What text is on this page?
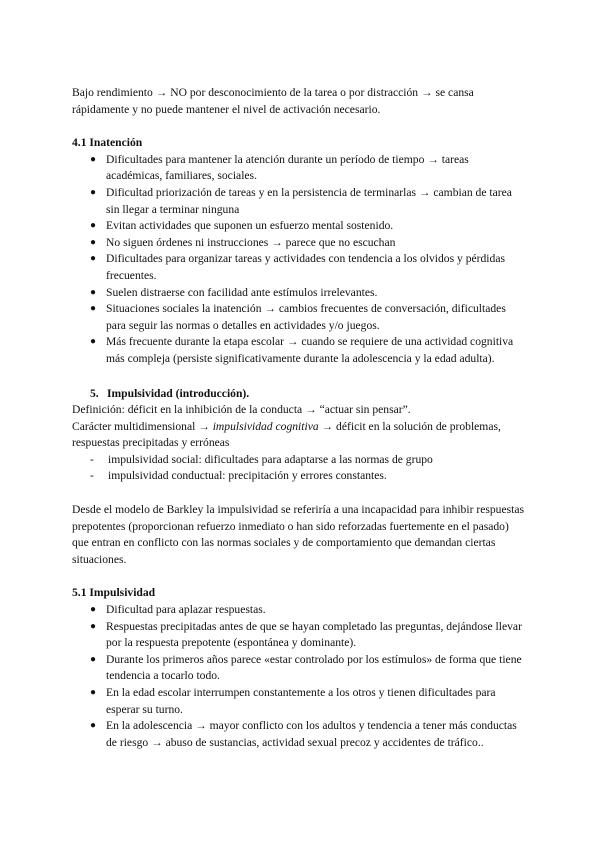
Bajo rendimiento → NO por desconocimiento de la tarea o por distracción → se cansa rápidamente y no puede mantener el nivel de activación necesario.

4.1 Inatención
● Dificultades para mantener la atención durante un período de tiempo → tareas académicas, familiares, sociales.
● Dificultad priorización de tareas y en la persistencia de terminarlas → cambian de tarea sin llegar a terminar ninguna
● Evitan actividades que suponen un esfuerzo mental sostenido.
● No siguen órdenes ni instrucciones → parece que no escuchan
● Dificultades para organizar tareas y actividades con tendencia a los olvidos y pérdidas frecuentes.
● Suelen distraerse con facilidad ante estímulos irrelevantes.
● Situaciones sociales la inatención → cambios frecuentes de conversación, dificultades para seguir las normas o detalles en actividades y/o juegos.
● Más frecuente durante la etapa escolar → cuando se requiere de una actividad cognitiva más compleja (persiste significativamente durante la adolescencia y la edad adulta).
5. Impulsividad (introducción).

Definición: déficit en la inhibición de la conducta → “actuar sin pensar”.

Carácter multidimensional → impulsividad cognitiva → déficit en la solución de problemas, respuestas precipitadas y erróneas

- impulsividad social: dificultades para adaptarse a las normas de grupo
- impulsividad conductual: precipitación y errores constantes.

Desde el modelo de Barkley la impulsividad se referiría a una incapacidad para inhibir respuestas prepotentes (proporcionan refuerzo inmediato o han sido reforzadas fuertemente en el pasado) que entran en conflicto con las normas sociales y de comportamiento que demandan ciertas situaciones.

5.1 Impulsividad
● Dificultad para aplazar respuestas.
● Respuestas precipitadas antes de que se hayan completado las preguntas, dejándose llevar por la respuesta prepotente (espontánea y dominante).
● Durante los primeros años parece «estar controlado por los estímulos» de forma que tiene tendencia a tocarlo todo.
● En la edad escolar interrumpen constantemente a los otros y tienen dificultades para esperar su turno.
● En la adolescencia → mayor conflicto con los adultos y tendencia a tener más conductas de riesgo → abuso de sustancias, actividad sexual precoz y accidentes de tráfico..
